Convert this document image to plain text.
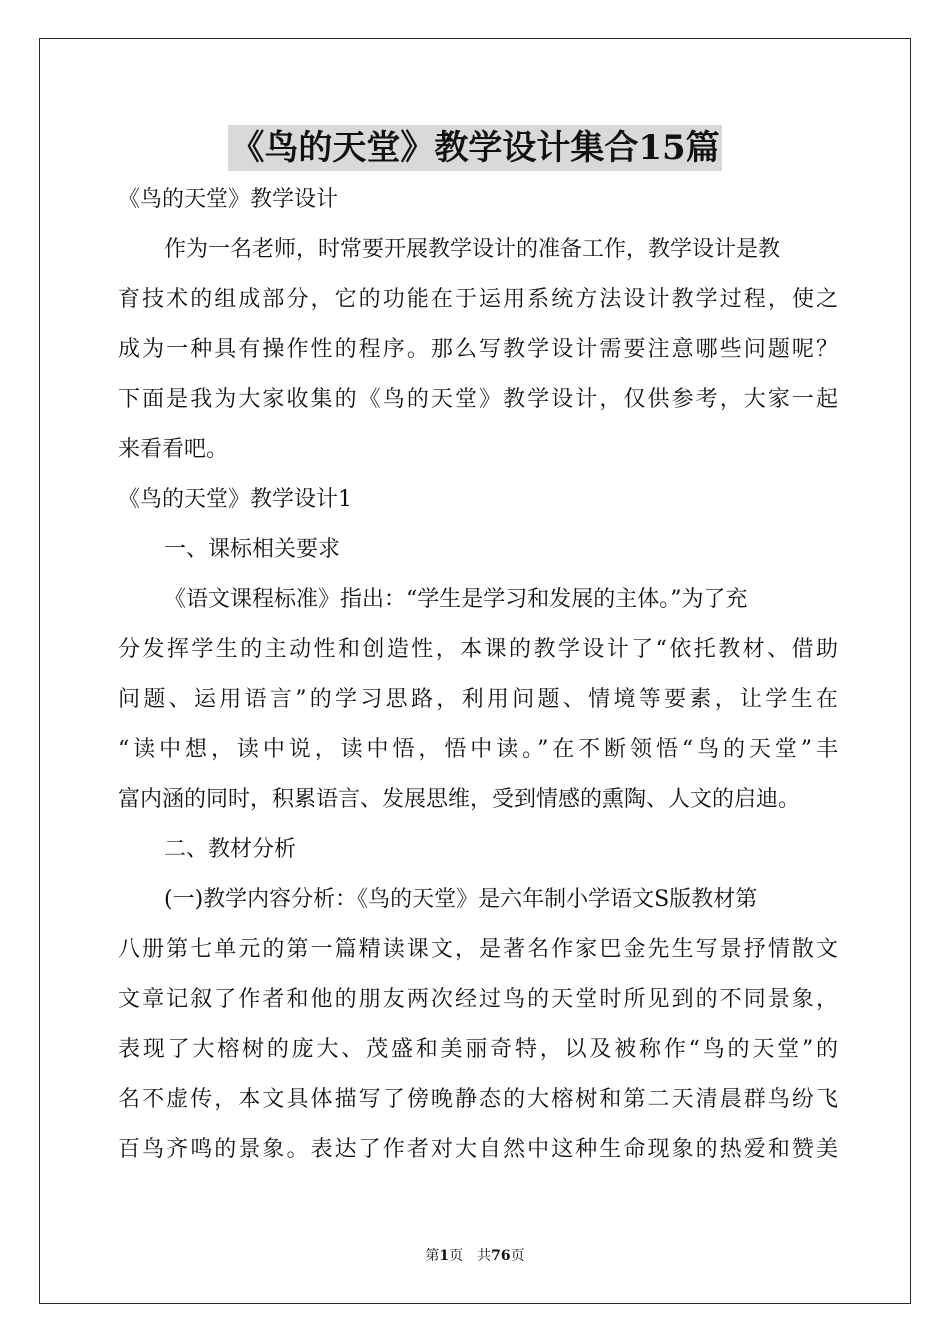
《鸟的天堂》教学设计集合15篇
《鸟的天堂》教学设计
作为一名老师，时常要开展教学设计的准备工作，教学设计是教
育技术的组成部分，它的功能在于运用系统方法设计教学过程，使之
成为一种具有操作性的程序。那么写教学设计需要注意哪些问题呢？
下面是我为大家收集的《鸟的天堂》教学设计，仅供参考，大家一起
来看看吧。
《鸟的天堂》教学设计1
一、课标相关要求
《语文课程标准》指出：“学生是学习和发展的主体。”为了充
分发挥学生的主动性和创造性，本课的教学设计了“依托教材、借助
问题、运用语言”的学习思路，利用问题、情境等要素，让学生在
“读中想，读中说，读中悟，悟中读。”在不断领悟“鸟的天堂”丰
富内涵的同时，积累语言、发展思维，受到情感的熏陶、人文的启迪。
二、教材分析
(一)教学内容分析：《鸟的天堂》是六年制小学语文S版教材第
八册第七单元的第一篇精读课文，是著名作家巴金先生写景抒情散文
文章记叙了作者和他的朋友两次经过鸟的天堂时所见到的不同景象，
表现了大榕树的庞大、茂盛和美丽奇特，以及被称作“鸟的天堂”的
名不虚传，本文具体描写了傍晚静态的大榕树和第二天清晨群鸟纷飞
百鸟齐鸣的景象。表达了作者对大自然中这种生命现象的热爱和赞美
第1页 共76页
